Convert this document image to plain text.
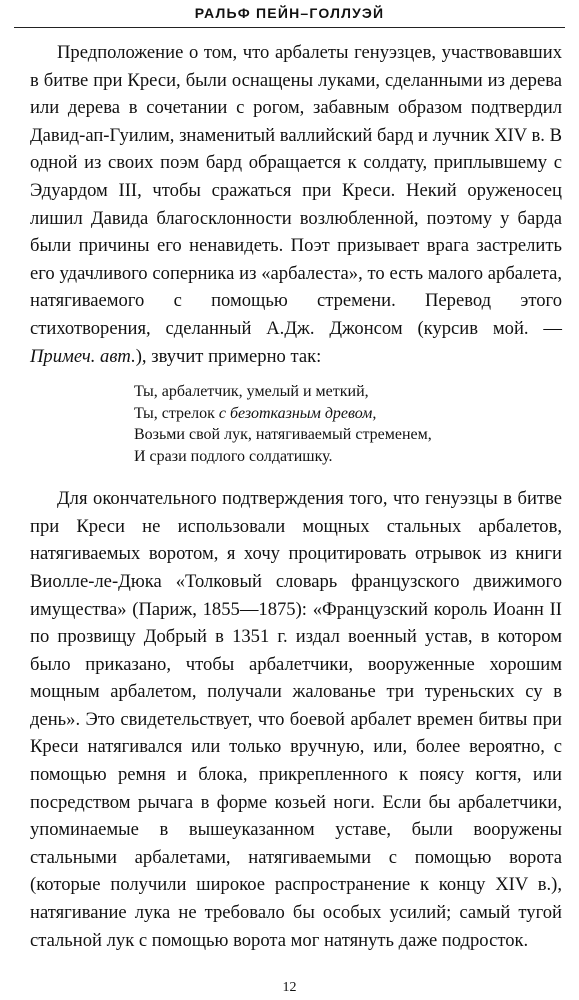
РАЛЬФ ПЕЙН–ГОЛЛУЭЙ

Предположение о том, что арбалеты генуэзцев, участвовавших в битве при Креси, были оснащены луками, сделанными из дерева или дерева в сочетании с рогом, забавным образом подтвердил Давид-ап-Гуилим, знаменитый валлийский бард и лучник XIV в. В одной из своих поэм бард обращается к солдату, приплывшему с Эдуардом III, чтобы сражаться при Креси. Некий оруженосец лишил Давида благосклонности возлюбленной, поэтому у барда были причины его ненавидеть. Поэт призывает врага застрелить его удачливого соперника из «арбалеста», то есть малого арбалета, натягиваемого с помощью стремени. Перевод этого стихотворения, сделанный А.Дж. Джонсом (курсив мой. — Примеч. авт.), звучит примерно так:

Ты, арбалетчик, умелый и меткий,
Ты, стрелок с безотказным древом,
Возьми свой лук, натягиваемый стременем,
И срази подлого солдатишку.

Для окончательного подтверждения того, что генуэзцы в битве при Креси не использовали мощных стальных арбалетов, натягиваемых воротом, я хочу процитировать отрывок из книги Виолле-ле-Дюка «Толковый словарь французского движимого имущества» (Париж, 1855—1875): «Французский король Иоанн II по прозвищу Добрый в 1351 г. издал военный устав, в котором было приказано, чтобы арбалетчики, вооруженные хорошим мощным арбалетом, получали жалованье три туреньских су в день». Это свидетельствует, что боевой арбалет времен битвы при Креси натягивался или только вручную, или, более вероятно, с помощью ремня и блока, прикрепленного к поясу когтя, или посредством рычага в форме козьей ноги. Если бы арбалетчики, упоминаемые в вышеуказанном уставе, были вооружены стальными арбалетами, натягиваемыми с помощью ворота (которые получили широкое распространение к концу XIV в.), натягивание лука не требовало бы особых усилий; самый тугой стальной лук с помощью ворота мог натянуть даже подросток.

12
